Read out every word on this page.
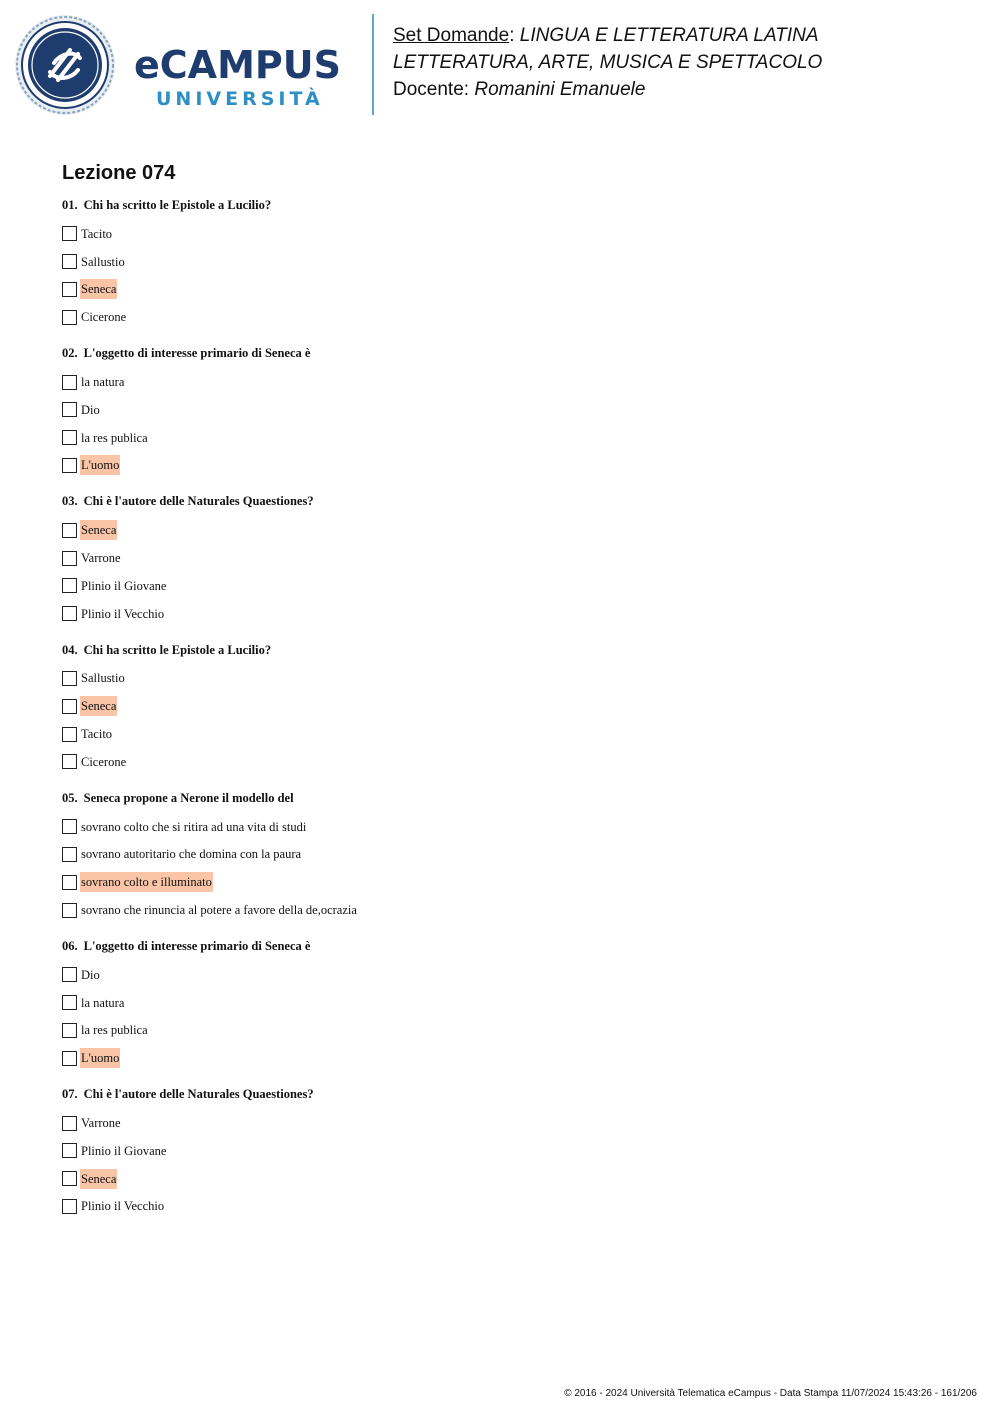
eCAMPUS
UNIVERSITÀ
Set Domande: LINGUA E LETTERATURA LATINA
LETTERATURA, ARTE, MUSICA E SPETTACOLO
Docente: Romanini Emanuele
Lezione 074
01. Chi ha scritto le Epistole a Lucilio?
Tacito
Sallustio
Seneca
Cicerone
02. L'oggetto di interesse primario di Seneca è
la natura
Dio
la res publica
L'uomo
03. Chi è l'autore delle Naturales Quaestiones?
Seneca
Varrone
Plinio il Giovane
Plinio il Vecchio
04. Chi ha scritto le Epistole a Lucilio?
Sallustio
Seneca
Tacito
Cicerone
05. Seneca propone a Nerone il modello del
sovrano colto che si ritira ad una vita di studi
sovrano autoritario che domina con la paura
sovrano colto e illuminato
sovrano che rinuncia al potere a favore della de,ocrazia
06. L'oggetto di interesse primario di Seneca è
Dio
la natura
la res publica
L'uomo
07. Chi è l'autore delle Naturales Quaestiones?
Varrone
Plinio il Giovane
Seneca
Plinio il Vecchio
© 2016 - 2024 Università Telematica eCampus - Data Stampa 11/07/2024 15:43:26 - 161/206
